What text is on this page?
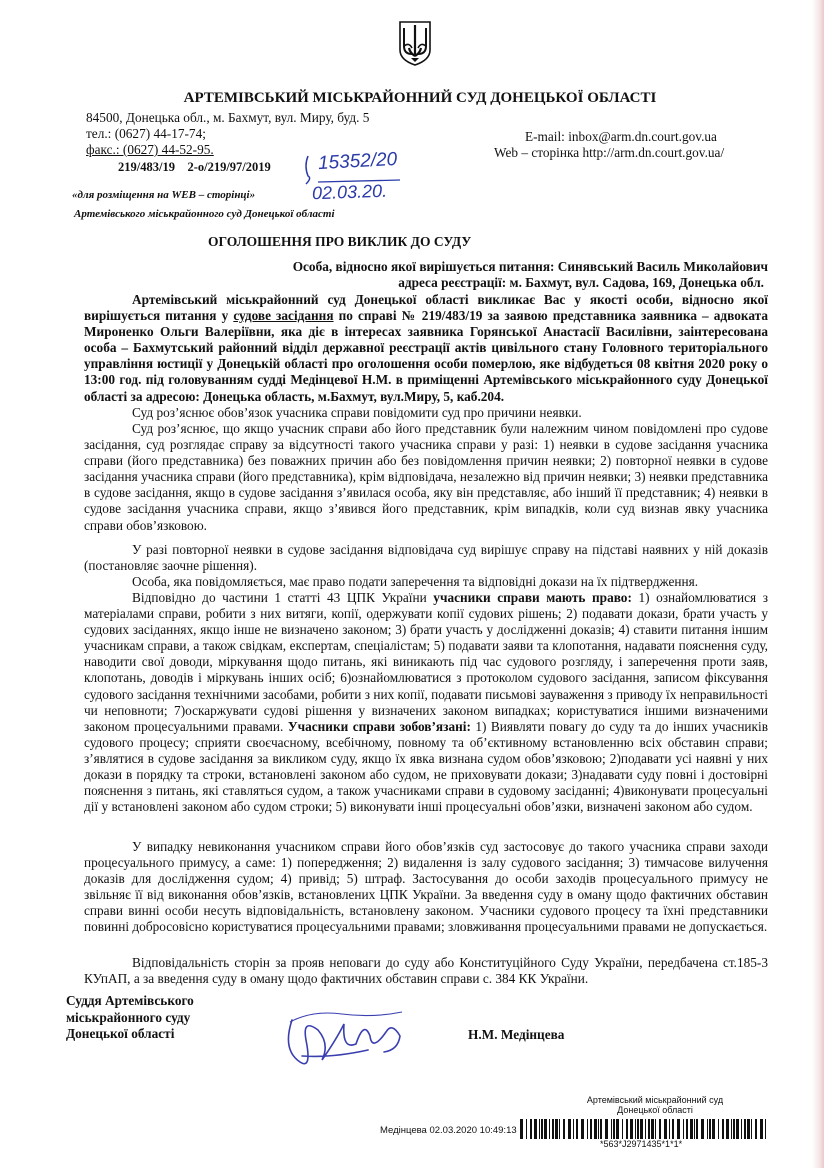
АРТЕМІВСЬКИЙ МІСЬКРАЙОННИЙ СУД ДОНЕЦЬКОЇ ОБЛАСТІ
84500, Донецька обл., м. Бахмут, вул. Миру, буд. 5
тел.: (0627) 44-17-74;
факс.: (0627) 44-52-95.
E-mail: inbox@arm.dn.court.gov.ua
Web – сторінка http://arm.dn.court.gov.ua/
219/483/19    2-о/219/97/2019 15352/20
02.03.20.
«для розміщення на WEB – сторінці»
Артемівського міськрайонного суд Донецької області
ОГОЛОШЕННЯ ПРО ВИКЛИК ДО СУДУ
Особа, відносно якої вирішується питання: Синявський Василь Миколайович
адреса реєстрації: м. Бахмут, вул. Садова, 169, Донецька обл.

Артемівський міськрайонний суд Донецької області викликає Вас у якості особи, відносно якої вирішується питання у судове засідання по справі № 219/483/19 за заявою представника заявника – адвоката Мироненко Ольги Валеріївни, яка діє в інтересах заявника Горянської Анастасії Василівни, заінтересована особа – Бахмутський районний відділ державної реєстрації актів цивільного стану Головного територіального управління юстиції у Донецькій області про оголошення особи померлою, яке відбудеться 08 квітня 2020 року о 13:00 год. під головуванням судді Медінцевої Н.М. в приміщенні Артемівського міськрайонного суду Донецької області за адресою: Донецька область, м.Бахмут, вул.Миру, 5, каб.204.

Суд роз’яснює обов’язок учасника справи повідомити суд про причини неявки.

Суд роз’яснює, що якщо учасник справи або його представник були належним чином повідомлені про судове засідання, суд розглядає справу за відсутності такого учасника справи у разі: 1) неявки в судове засідання учасника справи (його представника) без поважних причин або без повідомлення причин неявки; 2) повторної неявки в судове засідання учасника справи (його представника), крім відповідача, незалежно від причин неявки; 3) неявки представника в судове засідання, якщо в судове засідання з’явилася особа, яку він представляє, або інший її представник; 4) неявки в судове засідання учасника справи, якщо з’явився його представник, крім випадків, коли суд визнав явку учасника справи обов’язковою.

У разі повторної неявки в судове засідання відповідача суд вирішує справу на підставі наявних у ній доказів (постановляє заочне рішення).

Особа, яка повідомляється, має право подати заперечення та відповідні докази на їх підтвердження.

Відповідно до частини 1 статті 43 ЦПК України учасники справи мають право: 1) ознайомлюватися з матеріалами справи, робити з них витяги, копії, одержувати копії судових рішень; 2) подавати докази, брати участь у судових засіданнях, якщо інше не визначено законом; 3) брати участь у дослідженні доказів; 4) ставити питання іншим учасникам справи, а також свідкам, експертам, спеціалістам; 5) подавати заяви та клопотання, надавати пояснення суду, наводити свої доводи, міркування щодо питань, які виникають під час судового розгляду, і заперечення проти заяв, клопотань, доводів і міркувань інших осіб; 6)ознайомлюватися з протоколом судового засідання, записом фіксування судового засідання технічними засобами, робити з них копії, подавати письмові зауваження з приводу їх неправильності чи неповноти; 7)оскаржувати судові рішення у визначених законом випадках; користуватися іншими визначеними законом процесуальними правами. Учасники справи зобов’язані: 1) Виявляти повагу до суду та до інших учасників судового процесу; сприяти своєчасному, всебічному, повному та об’єктивному встановленню всіх обставин справи; з’являтися в судове засідання за викликом суду, якщо їх явка визнана судом обов’язковою; 2)подавати усі наявні у них докази в порядку та строки, встановлені законом або судом, не приховувати докази; 3)надавати суду повні і достовірні пояснення з питань, які ставляться судом, а також учасниками справи в судовому засіданні; 4)виконувати процесуальні дії у встановлені законом або судом строки; 5) виконувати інші процесуальні обов’язки, визначені законом або судом.

У випадку невиконання учасником справи його обов’язків суд застосовує до такого учасника справи заходи процесуального примусу, а саме: 1) попередження; 2) видалення із залу судового засідання; 3) тимчасове вилучення доказів для дослідження судом; 4) привід; 5) штраф. Застосування до особи заходів процесуального примусу не звільняє її від виконання обов’язків, встановлених ЦПК України. За введення суду в оману щодо фактичних обставин справи винні особи несуть відповідальність, встановлену законом. Учасники судового процесу та їхні представники повинні добросовісно користуватися процесуальними правами; зловживання процесуальними правами не допускається.

Відповідальність сторін за прояв неповаги до суду або Конституційного Суду України, передбачена ст.185-3 КУпАП, а за введення суду в оману щодо фактичних обставин справи с. 384 КК України.

Суддя Артемівського
міськрайонного суду
Донецької області	Н.М. Медінцева
Артемівський міськрайонний суд
Донецької області
Медінцева 02.03.2020 10:49:13
*563*J2971435*1*1*
